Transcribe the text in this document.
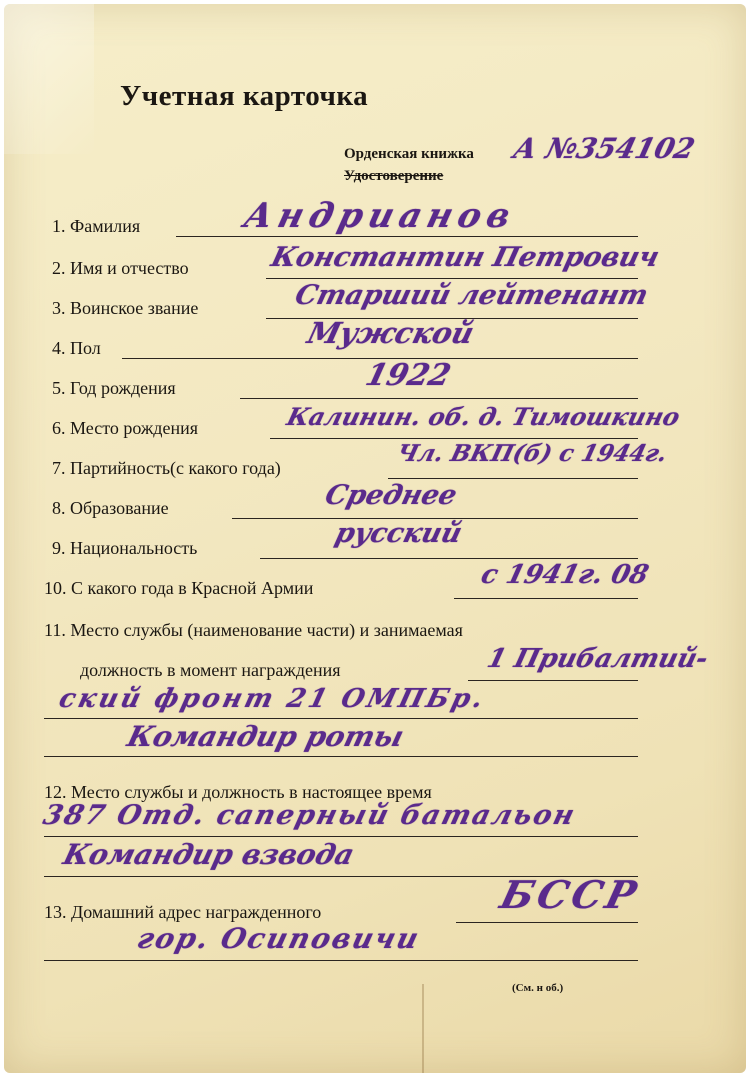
Учетная карточка
Орденская книжка А №354102
Удостоверение
1. Фамилия	Андрианов
2. Имя и отчество	Константин Петрович
3. Воинское звание	Старший лейтенант
4. Пол	Мужской
5. Год рождения	1922
6. Место рождения	Калинин. об. д. Тимошкино
7. Партийность(с какого года)
Чл. ВКП(б) с 1944г.
8. Образование	Среднее
9. Национальность	русский
10. С какого года в Красной Армии	с 1941г. 08
11. Место службы (наименование части) и занимаемая
должность в момент награждения	1 Прибалтий-
ский фронт 21 ОМПБр.
Командир роты
12. Место службы и должность в настоящее время
387 Отд. саперный батальон
Командир взвода
13. Домашний адрес награжденного	БССР
гор. Осиповичи
(См. н об.)
